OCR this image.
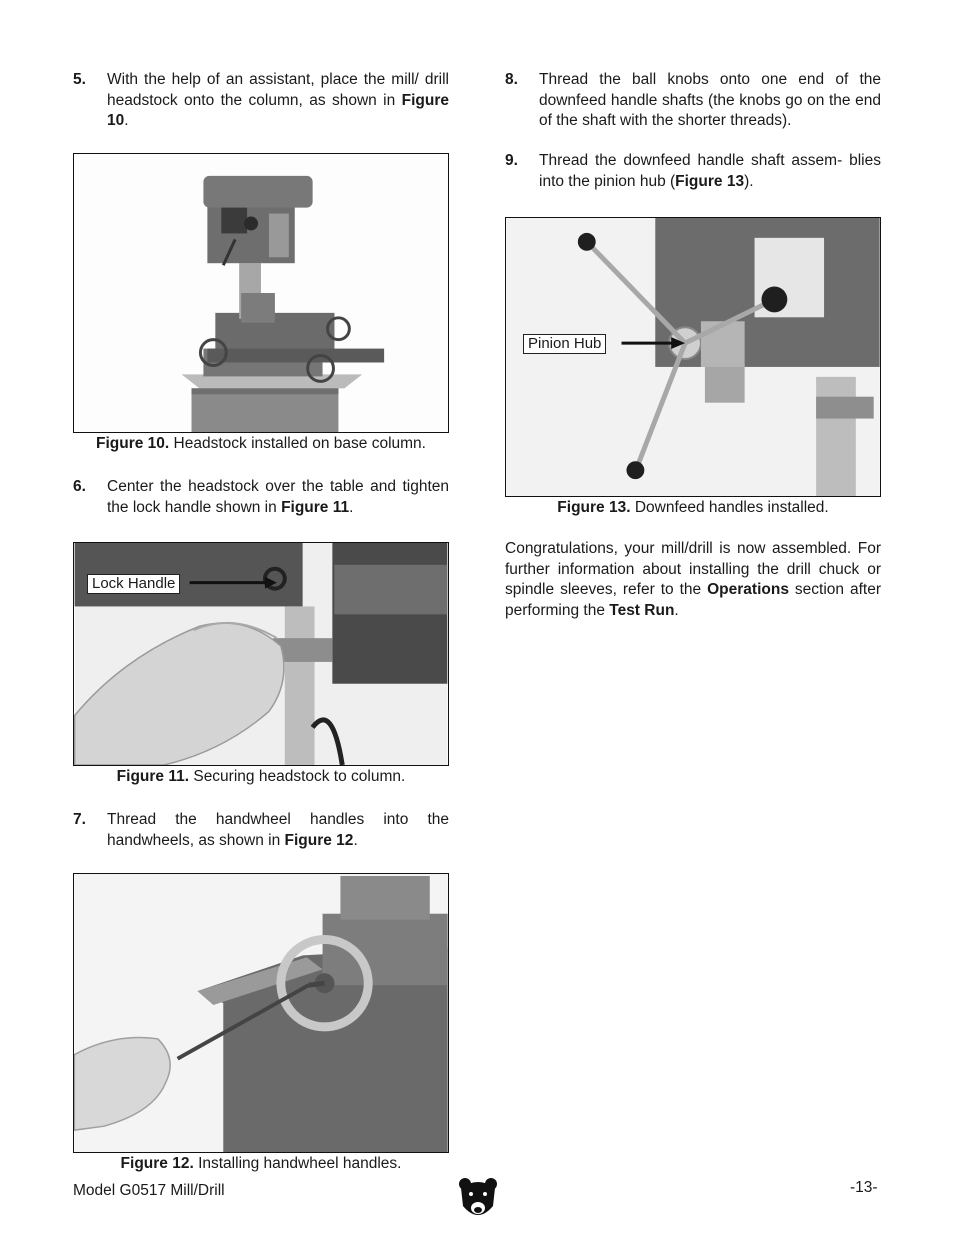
5. With the help of an assistant, place the mill/ drill headstock onto the column, as shown in Figure 10.
Figure 10. Headstock installed on base column.
6. Center the headstock over the table and tighten the lock handle shown in Figure 11.
Lock Handle
Figure 11. Securing headstock to column.
7. Thread the handwheel handles into the handwheels, as shown in Figure 12.
Figure 12. Installing handwheel handles.
8. Thread the ball knobs onto one end of the downfeed handle shafts (the knobs go on the end of the shaft with the shorter threads).
9. Thread the downfeed handle shaft assem- blies into the pinion hub (Figure 13).
Pinion Hub
Figure 13. Downfeed handles installed.
Congratulations, your mill/drill is now assembled. For further information about installing the drill chuck or spindle sleeves, refer to the Operations section after performing the Test Run.
Model G0517 Mill/Drill	-13-
